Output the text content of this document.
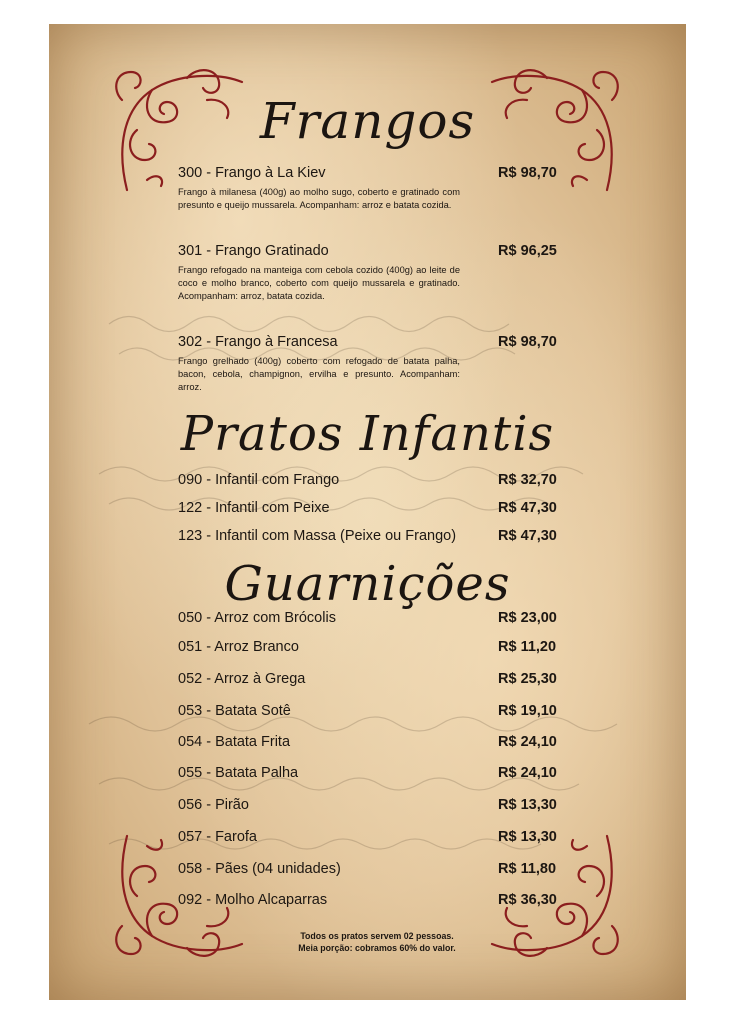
Frangos
300 - Frango à La Kiev	R$ 98,70
Frango à milanesa (400g) ao molho sugo, coberto e gratinado com presunto e queijo mussarela. Acompanham: arroz e batata cozida.
301 - Frango Gratinado	R$ 96,25
Frango refogado na manteiga com cebola cozido (400g) ao leite de coco e molho branco, coberto com queijo mussarela e gratinado. Acompanham: arroz, batata cozida.
302 - Frango à Francesa	R$ 98,70
Frango grelhado (400g) coberto com refogado de batata palha, bacon, cebola, champignon, ervilha e presunto. Acompanham: arroz.
Pratos Infantis
090 - Infantil com Frango	R$ 32,70
122 - Infantil com Peixe	R$ 47,30
123 - Infantil com Massa (Peixe ou Frango)	R$ 47,30
Guarnições
050 - Arroz com Brócolis	R$ 23,00
051 - Arroz Branco	R$ 11,20
052 - Arroz à Grega	R$ 25,30
053 - Batata Sotê	R$ 19,10
054 - Batata Frita	R$ 24,10
055 - Batata Palha	R$ 24,10
056 - Pirão	R$ 13,30
057 - Farofa	R$ 13,30
058 - Pães (04 unidades)	R$ 11,80
092 - Molho Alcaparras	R$ 36,30
Todos os pratos servem 02 pessoas.
Meia porção: cobramos 60% do valor.
